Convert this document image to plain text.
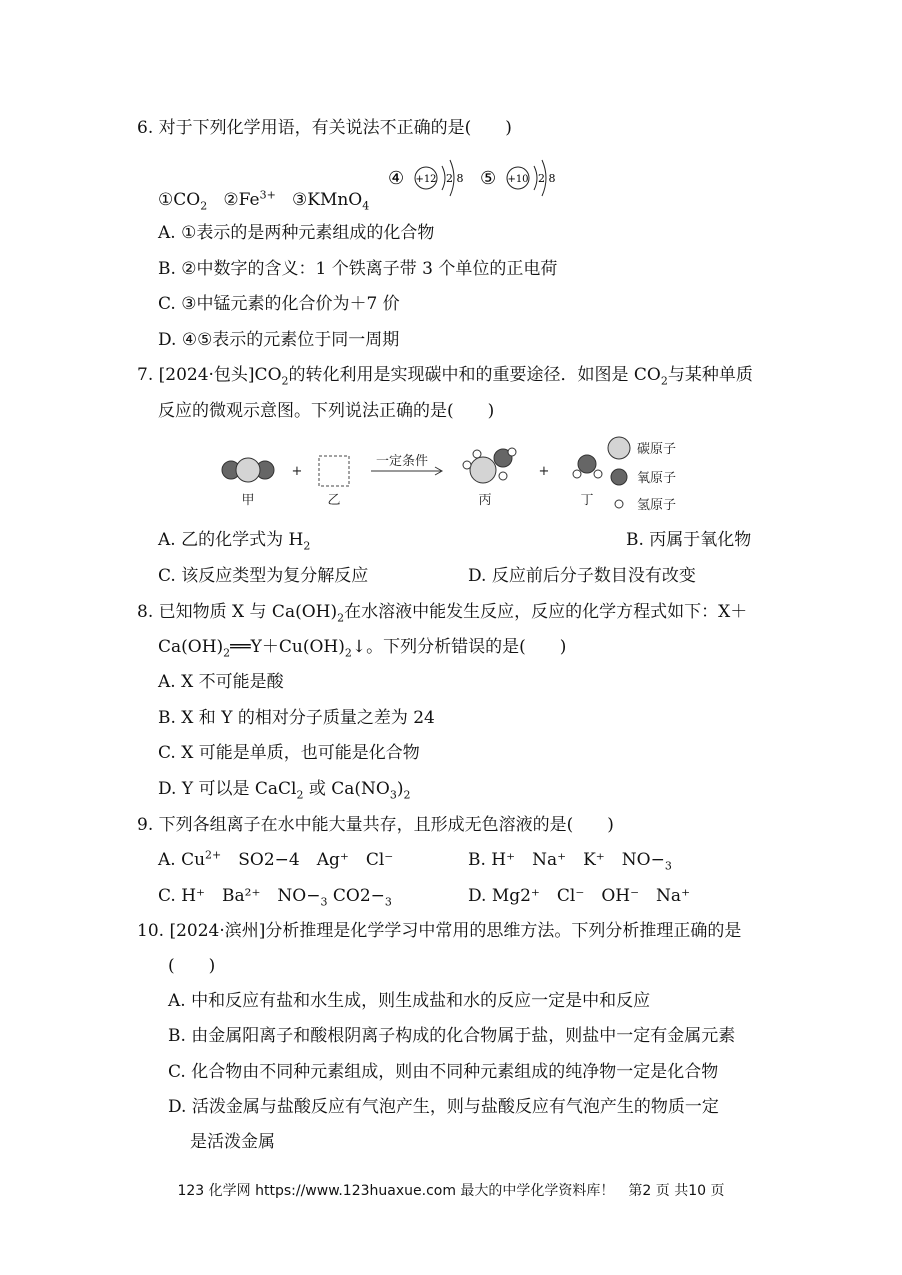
6. 对于下列化学用语，有关说法不正确的是(　　)
$①CO_2$ $②Fe^{3+}$ ③KMnO$_4$
④ +12 2 8 ⑤ +10 2 8
A. ①表示的是两种元素组成的化合物
B. ②中数字的含义：1 个铁离子带 3 个单位的正电荷
C. ③中锰元素的化合价为＋7 价
D. ④⑤表示的元素位于同一周期
7. [2024·包头]$CO_2$的转化利用是实现碳中和的重要途径．如图是 $CO_2$与某种单质
反应的微观示意图。下列说法正确的是(　　)
甲
+
乙
一定条件
丙
+
丁
碳原子
氧原子
氢原子
A. 乙的化学式为 $H_2$	B. 丙属于氧化物
C. 该反应类型为复分解反应	D. 反应前后分子数目没有改变
8. 已知物质 X 与 $Ca(OH)_2$在水溶液中能发生反应，反应的化学方程式如下：X＋
$Ca(OH)_2══Y+Cu(OH)_2↓$。下列分析错误的是(　　)
A. X 不可能是酸
B. X 和 Y 的相对分子质量之差为 24
C. X 可能是单质，也可能是化合物
D. Y 可以是 CaCl$_2$ 或 $Ca(NO_3)_2$
9. 下列各组离子在水中能大量共存，且形成无色溶液的是(　　)
A. $Cu^{2+}$　SO2−4　Ag⁺　Cl⁻	B. H⁺　Na⁺　K⁺　$NO-_3$
C. H⁺　Ba²⁺　$NO-_3$ $CO2-_3$	D. Mg2⁺　Cl⁻　OH⁻　Na⁺
10. [2024·滨州]分析推理是化学学习中常用的思维方法。下列分析推理正确的是
(　　)
A. 中和反应有盐和水生成，则生成盐和水的反应一定是中和反应
B. 由金属阳离子和酸根阴离子构成的化合物属于盐，则盐中一定有金属元素
C. 化合物由不同种元素组成，则由不同种元素组成的纯净物一定是化合物
D. 活泼金属与盐酸反应有气泡产生，则与盐酸反应有气泡产生的物质一定
是活泼金属
123 化学网 https://www.123huaxue.com 最大的中学化学资料库！　第2 页 共10 页
